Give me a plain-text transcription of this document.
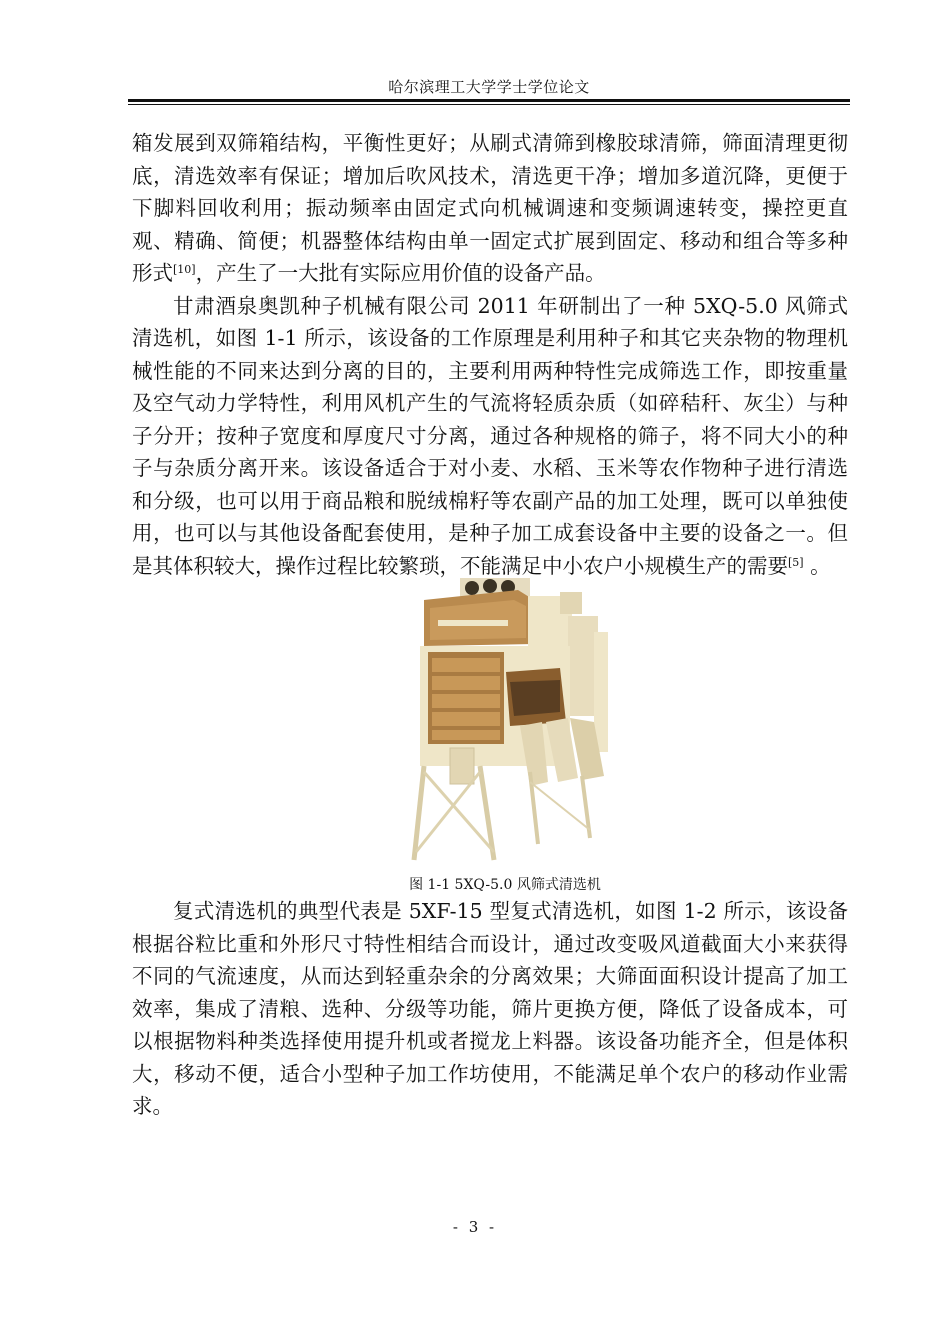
哈尔滨理工大学学士学位论文

箱发展到双筛箱结构，平衡性更好；从刷式清筛到橡胶球清筛，筛面清理更彻底，清选效率有保证；增加后吹风技术，清选更干净；增加多道沉降，更便于下脚料回收利用；振动频率由固定式向机械调速和变频调速转变，操控更直观、精确、简便；机器整体结构由单一固定式扩展到固定、移动和组合等多种形式[10]，产生了一大批有实际应用价值的设备产品。

甘肃酒泉奥凯种子机械有限公司 2011 年研制出了一种 5XQ-5.0 风筛式清选机，如图 1-1 所示，该设备的工作原理是利用种子和其它夹杂物的物理机械性能的不同来达到分离的目的，主要利用两种特性完成筛选工作，即按重量及空气动力学特性，利用风机产生的气流将轻质杂质（如碎秸秆、灰尘）与种子分开；按种子宽度和厚度尺寸分离，通过各种规格的筛子，将不同大小的种子与杂质分离开来。该设备适合于对小麦、水稻、玉米等农作物种子进行清选和分级，也可以用于商品粮和脱绒棉籽等农副产品的加工处理，既可以单独使用，也可以与其他设备配套使用，是种子加工成套设备中主要的设备之一。但是其体积较大，操作过程比较繁琐，不能满足中小农户小规模生产的需要[5] 。

图 1-1 5XQ-5.0 风筛式清选机

复式清选机的典型代表是 5XF-15 型复式清选机，如图 1-2 所示，该设备根据谷粒比重和外形尺寸特性相结合而设计，通过改变吸风道截面大小来获得不同的气流速度，从而达到轻重杂余的分离效果；大筛面面积设计提高了加工效率，集成了清粮、选种、分级等功能，筛片更换方便，降低了设备成本，可以根据物料种类选择使用提升机或者搅龙上料器。该设备功能齐全，但是体积大，移动不便，适合小型种子加工作坊使用，不能满足单个农户的移动作业需求。

- 3 -
